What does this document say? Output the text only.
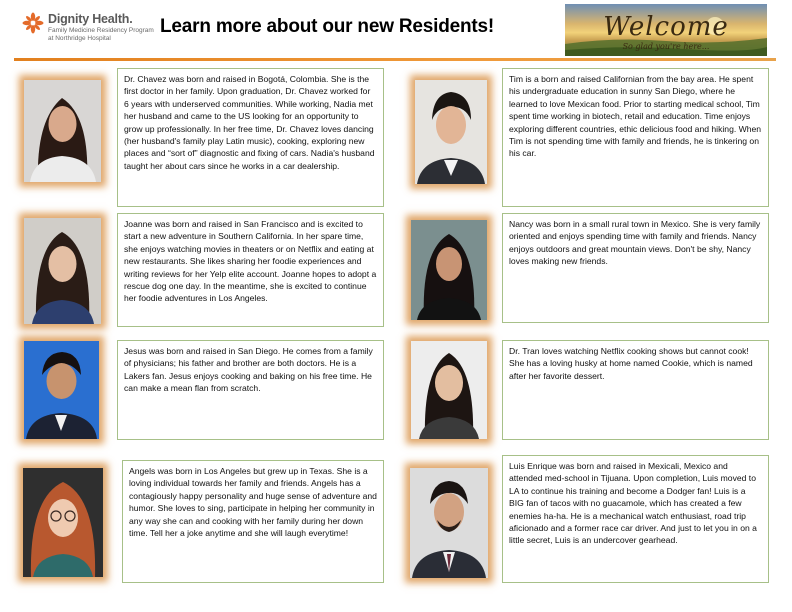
Dignity Health.
Family Medicine Residency Program at Northridge Hospital
Learn more about our new Residents!	Welcome
So glad you're here...
Dr. Chavez was born and raised in Bogotá, Colombia. She is the first doctor in her family. Upon graduation, Dr. Chavez worked for 6 years with underserved communities. While working, Nadia met her husband and came to the US looking for an opportunity to grow up professionally. In her free time, Dr. Chavez loves dancing (her husband's family play Latin music), cooking, exploring new places and “sort of” diagnostic and fixing of cars. Nadia's husband taught her about cars since he works in a car dealership.
Tim is a born and raised Californian from the bay area. He spent his undergraduate education in sunny San Diego, where he learned to love Mexican food. Prior to starting medical school, Tim spent time working in biotech, retail and education. Time enjoys exploring different countries, ethic delicious food and hiking. When Tim is not spending time with family and friends, he is tinkering on his car.
Joanne was born and raised in San Francisco and is excited to start a new adventure in Southern California. In her spare time, she enjoys watching movies in theaters or on Netflix and eating at new restaurants. She likes sharing her foodie experiences and writing reviews for her Yelp elite account. Joanne hopes to adopt a rescue dog one day. In the meantime, she is excited to continue her foodie adventures in Los Angeles.
Nancy was born in a small rural town in Mexico. She is very family oriented and enjoys spending time with family and friends. Nancy enjoys outdoors and great mountain views. Don't be shy, Nancy loves making new friends.
Jesus was born and raised in San Diego. He comes from a family of physicians; his father and brother are both doctors. He is a Lakers fan. Jesus enjoys cooking and baking on his free time. He can make a mean flan from scratch.
Dr. Tran loves watching Netflix cooking shows but cannot cook! She has a loving husky at home named Cookie, which is named after her favorite dessert.
Angels was born in Los Angeles but grew up in Texas. She is a loving individual towards her family and friends. Angels has a contagiously happy personality and huge sense of adventure and humor. She loves to sing, participate in helping her community in any way she can and cooking with her family during her down time. Tell her a joke anytime and she will laugh everytime!
Luis Enrique was born and raised in Mexicali, Mexico and attended med-school in Tijuana. Upon completion, Luis moved to LA to continue his training and become a Dodger fan! Luis is a BIG fan of tacos with no guacamole, which has created a few enemies ha-ha. He is a mechanical watch enthusiast, road trip aficionado and a former race car driver. And just to let you in on a little secret, Luis is an undercover gearhead.
